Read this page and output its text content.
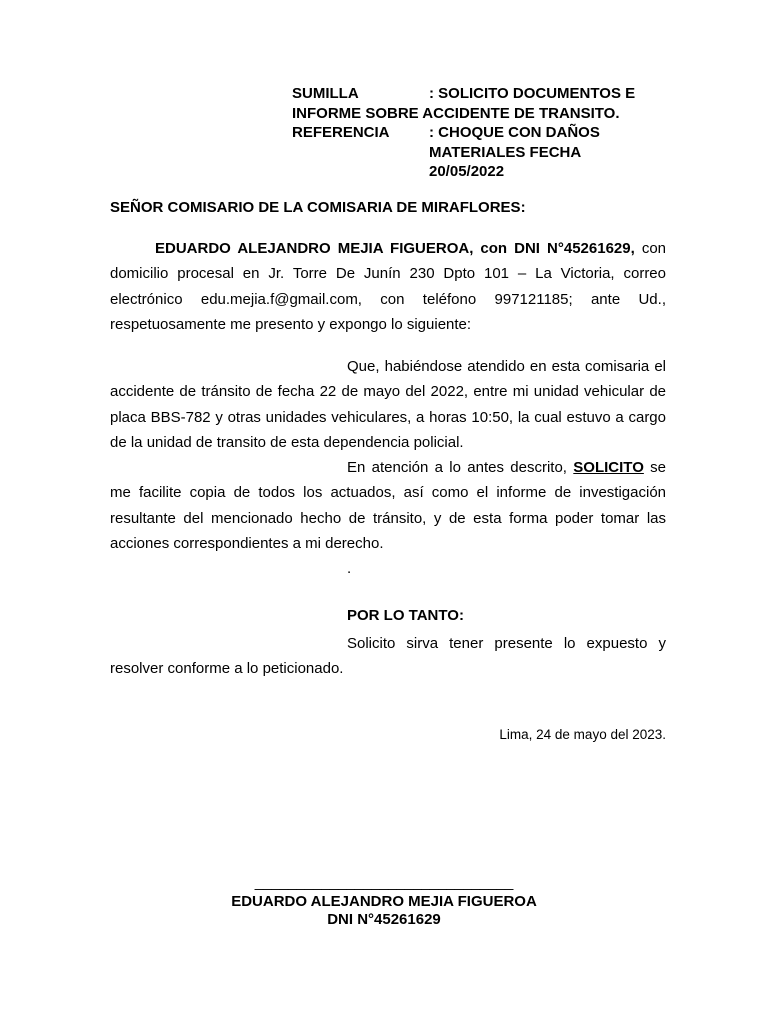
SUMILLA	: SOLICITO DOCUMENTOS E
INFORME SOBRE ACCIDENTE DE TRANSITO.
REFERENCIA	: CHOQUE CON DAÑOS
MATERIALES FECHA
20/05/2022
SEÑOR COMISARIO DE LA COMISARIA DE MIRAFLORES:
EDUARDO ALEJANDRO MEJIA FIGUEROA, con DNI N°45261629, con domicilio procesal en Jr. Torre De Junín 230 Dpto 101 – La Victoria, correo electrónico edu.mejia.f@gmail.com, con teléfono 997121185; ante Ud., respetuosamente me presento y expongo lo siguiente:
Que, habiéndose atendido en esta comisaria el accidente de tránsito de fecha 22 de mayo del 2022, entre mi unidad vehicular de placa BBS-782 y otras unidades vehiculares, a horas 10:50, la cual estuvo a cargo de la unidad de transito de esta dependencia policial.
En atención a lo antes descrito, SOLICITO se me facilite copia de todos los actuados, así como el informe de investigación resultante del mencionado hecho de tránsito, y de esta forma poder tomar las acciones correspondientes a mi derecho.
.
POR LO TANTO:
Solicito sirva tener presente lo expuesto y resolver conforme a lo peticionado.
Lima, 24 de mayo del 2023.
_______________________________
EDUARDO ALEJANDRO MEJIA FIGUEROA
DNI N°45261629
